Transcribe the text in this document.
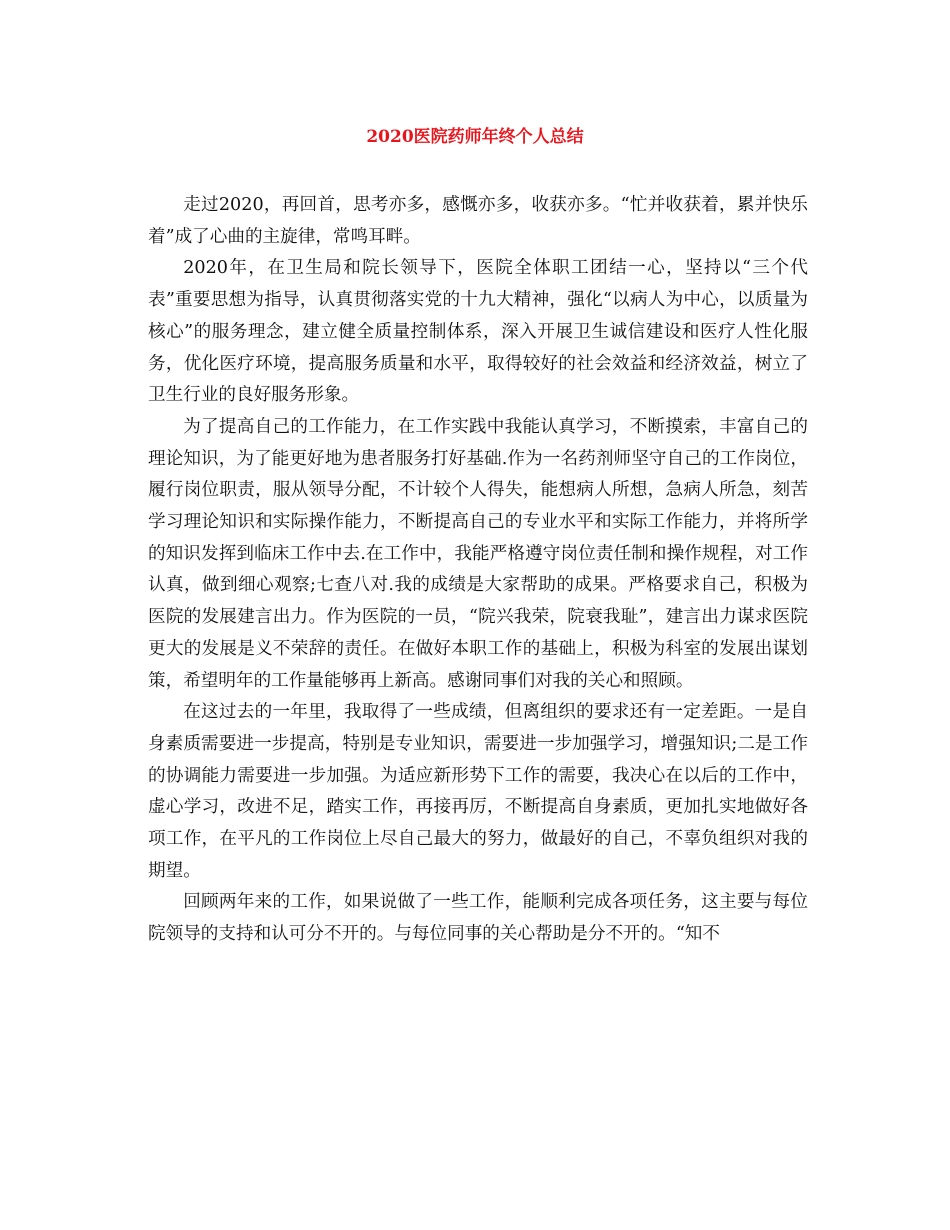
2020医院药师年终个人总结

走过2020，再回首，思考亦多，感慨亦多，收获亦多。“忙并收获着，累并快乐着”成了心曲的主旋律，常鸣耳畔。

2020年，在卫生局和院长领导下，医院全体职工团结一心，坚持以“三个代表”重要思想为指导，认真贯彻落实党的十九大精神，强化“以病人为中心，以质量为核心”的服务理念，建立健全质量控制体系，深入开展卫生诚信建设和医疗人性化服务，优化医疗环境，提高服务质量和水平，取得较好的社会效益和经济效益，树立了卫生行业的良好服务形象。

为了提高自己的工作能力，在工作实践中我能认真学习，不断摸索，丰富自己的理论知识，为了能更好地为患者服务打好基础.作为一名药剂师坚守自己的工作岗位，履行岗位职责，服从领导分配，不计较个人得失，能想病人所想，急病人所急，刻苦学习理论知识和实际操作能力，不断提高自己的专业水平和实际工作能力，并将所学的知识发挥到临床工作中去.在工作中，我能严格遵守岗位责任制和操作规程，对工作认真，做到细心观察;七查八对.我的成绩是大家帮助的成果。严格要求自己，积极为医院的发展建言出力。作为医院的一员，“院兴我荣，院衰我耻”，建言出力谋求医院更大的发展是义不荣辞的责任。在做好本职工作的基础上，积极为科室的发展出谋划策，希望明年的工作量能够再上新高。感谢同事们对我的关心和照顾。

在这过去的一年里，我取得了一些成绩，但离组织的要求还有一定差距。一是自身素质需要进一步提高，特别是专业知识，需要进一步加强学习，增强知识;二是工作的协调能力需要进一步加强。为适应新形势下工作的需要，我决心在以后的工作中，虚心学习，改进不足，踏实工作，再接再厉，不断提高自身素质，更加扎实地做好各项工作，在平凡的工作岗位上尽自己最大的努力，做最好的自己，不辜负组织对我的期望。

回顾两年来的工作，如果说做了一些工作，能顺利完成各项任务，这主要与每位院领导的支持和认可分不开的。与每位同事的关心帮助是分不开的。“知不
